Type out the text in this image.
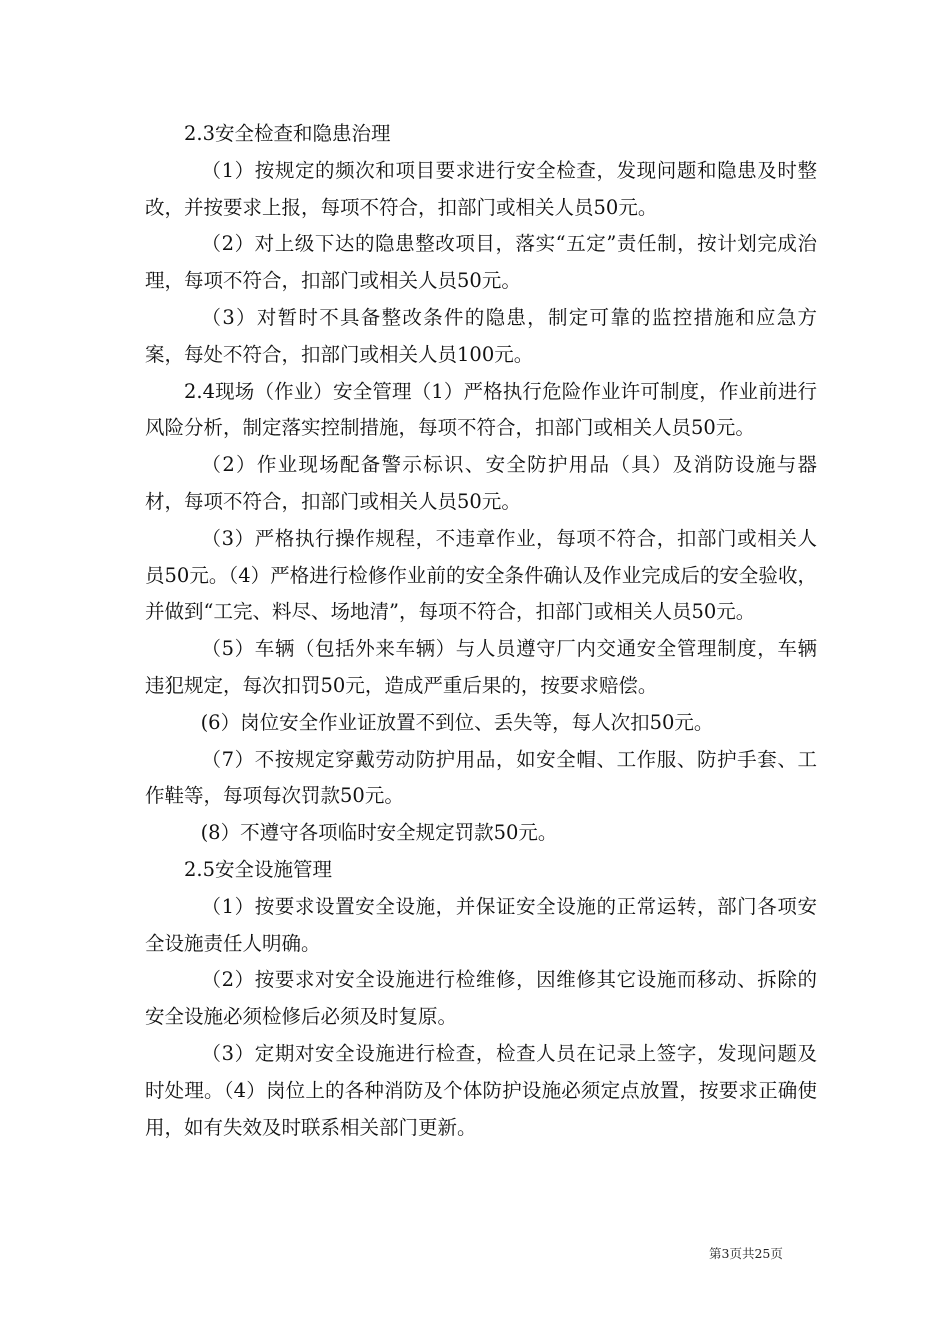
2.3安全检查和隐患治理

（1）按规定的频次和项目要求进行安全检查，发现问题和隐患及时整改，并按要求上报，每项不符合，扣部门或相关人员50元。

（2）对上级下达的隐患整改项目，落实“五定”责任制，按计划完成治理，每项不符合，扣部门或相关人员50元。

（3）对暂时不具备整改条件的隐患，制定可靠的监控措施和应急方案，每处不符合，扣部门或相关人员100元。

2.4现场（作业）安全管理（1）严格执行危险作业许可制度，作业前进行风险分析，制定落实控制措施，每项不符合，扣部门或相关人员50元。

（2）作业现场配备警示标识、安全防护用品（具）及消防设施与器材，每项不符合，扣部门或相关人员50元。

（3）严格执行操作规程，不违章作业，每项不符合，扣部门或相关人员50元。（4）严格进行检修作业前的安全条件确认及作业完成后的安全验收，并做到“工完、料尽、场地清”，每项不符合，扣部门或相关人员50元。

（5）车辆（包括外来车辆）与人员遵守厂内交通安全管理制度，车辆违犯规定，每次扣罚50元，造成严重后果的，按要求赔偿。

(6）岗位安全作业证放置不到位、丢失等，每人次扣50元。

（7）不按规定穿戴劳动防护用品，如安全帽、工作服、防护手套、工作鞋等，每项每次罚款50元。

(8）不遵守各项临时安全规定罚款50元。

2.5安全设施管理

（1）按要求设置安全设施，并保证安全设施的正常运转，部门各项安全设施责任人明确。

（2）按要求对安全设施进行检维修，因维修其它设施而移动、拆除的安全设施必须检修后必须及时复原。

（3）定期对安全设施进行检查，检查人员在记录上签字，发现问题及时处理。（4）岗位上的各种消防及个体防护设施必须定点放置，按要求正确使用，如有失效及时联系相关部门更新。

第3页共25页
